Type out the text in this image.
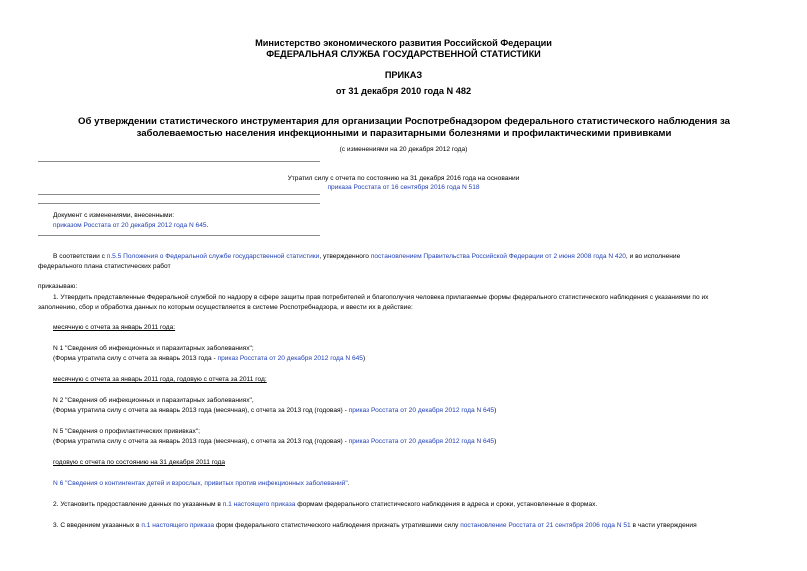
Министерство экономического развития Российской Федерации
ФЕДЕРАЛЬНАЯ СЛУЖБА ГОСУДАРСТВЕННОЙ СТАТИСТИКИ
ПРИКАЗ
от 31 декабря 2010 года N 482
Об утверждении статистического инструментария для организации Роспотребнадзором федерального статистического наблюдения за заболеваемостью населения инфекционными и паразитарными болезнями и профилактическими прививками
(с изменениями на 20 декабря 2012 года)
Утратил силу с отчета по состоянию на 31 декабря 2016 года на основании
приказа Росстата от 16 сентября 2016 года N 518
Документ с изменениями, внесенными:
приказом Росстата от 20 декабря 2012 года N 645.
В соответствии с п.5.5 Положения о Федеральной службе государственной статистики, утвержденного постановлением Правительства Российской Федерации от 2 июня 2008 года N 420, и во исполнение
федерального плана статистических работ
приказываю:
1. Утвердить представленные Федеральной службой по надзору в сфере защиты прав потребителей и благополучия человека прилагаемые формы федерального статистического наблюдения с указаниями по их
заполнению, сбор и обработка данных по которым осуществляется в системе Роспотребнадзора, и ввести их в действие:
месячную с отчета за январь 2011 года:
N 1 "Сведения об инфекционных и паразитарных заболеваниях";
(Форма утратила силу с отчета за январь 2013 года - приказ Росстата от 20 декабря 2012 года N 645)
месячную с отчета за январь 2011 года, годовую с отчета за 2011 год:
N 2 "Сведения об инфекционных и паразитарных заболеваниях",
(Форма утратила силу с отчета за январь 2013 года (месячная), с отчета за 2013 год (годовая) - приказ Росстата от 20 декабря 2012 года N 645)
N 5 "Сведения о профилактических прививках";
(Форма утратила силу с отчета за январь 2013 года (месячная), с отчета за 2013 год (годовая) - приказ Росстата от 20 декабря 2012 года N 645)
годовую с отчета по состоянию на 31 декабря 2011 года
N 6 "Сведения о контингентах детей и взрослых, привитых против инфекционных заболеваний".
2. Установить предоставление данных по указанным в п.1 настоящего приказа формам федерального статистического наблюдения в адреса и сроки, установленные в формах.
3. С введением указанных в п.1 настоящего приказа форм федерального статистического наблюдения признать утратившими силу постановление Росстата от 21 сентября 2006 года N 51 в части утверждения
